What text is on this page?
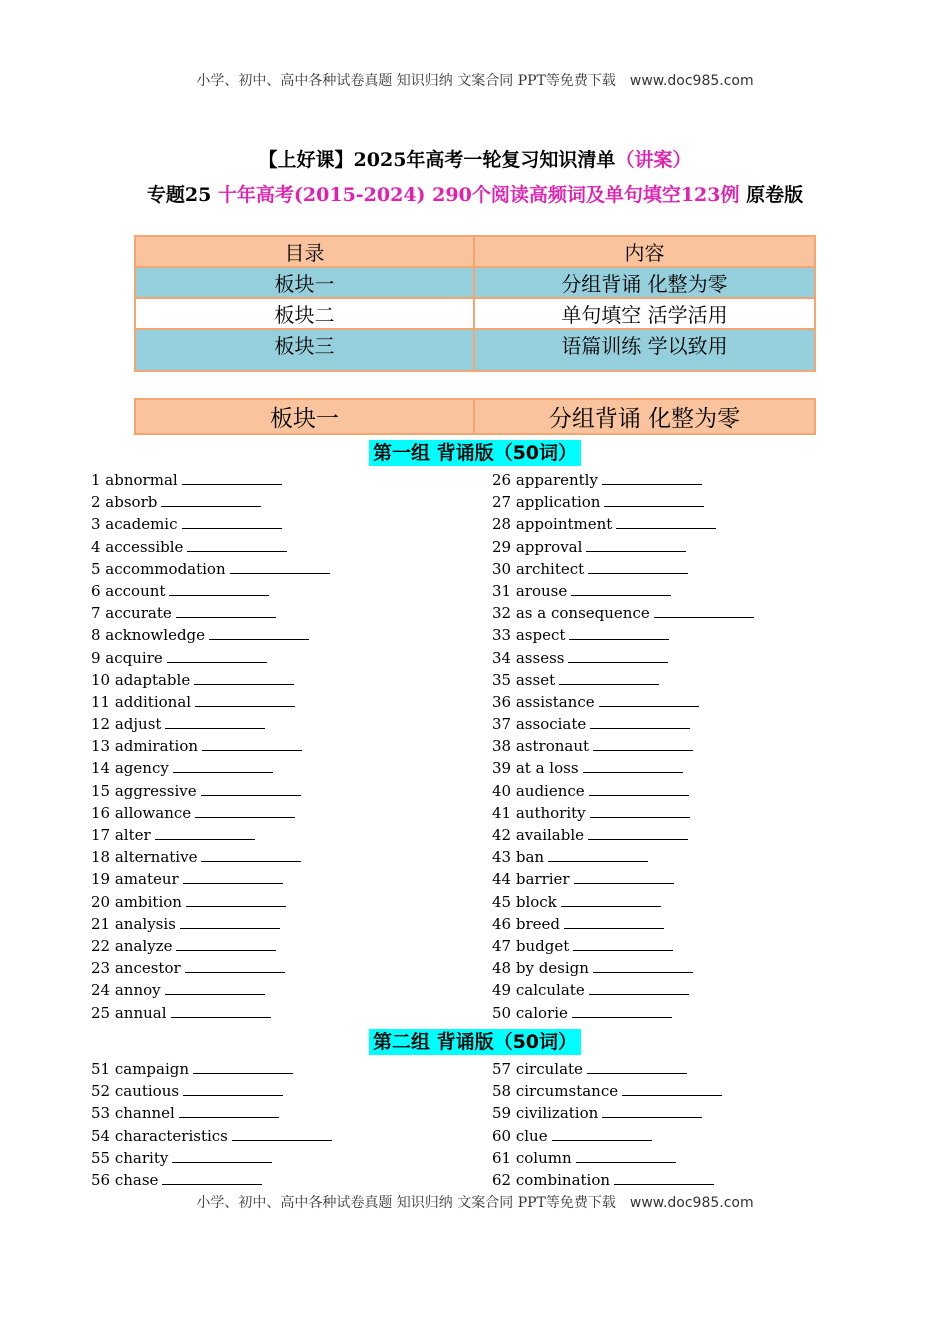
小学、初中、高中各种试卷真题 知识归纳 文案合同 PPT等免费下载 www.doc985.com
【上好课】2025年高考一轮复习知识清单（讲案）
专题25 十年高考(2015-2024) 290个阅读高频词及单句填空123例 原卷版
目录	内容
板块一	分组背诵 化整为零
板块二	单句填空 活学活用
板块三	语篇训练 学以致用
板块一	分组背诵 化整为零
第一组 背诵版（50词）
1 abnormal
2 absorb
3 academic
4 accessible
5 accommodation
6 account
7 accurate
8 acknowledge
9 acquire
10 adaptable
11 additional
12 adjust
13 admiration
14 agency
15 aggressive
16 allowance
17 alter
18 alternative
19 amateur
20 ambition
21 analysis
22 analyze
23 ancestor
24 annoy
25 annual
26 apparently
27 application
28 appointment
29 approval
30 architect
31 arouse
32 as a consequence
33 aspect
34 assess
35 asset
36 assistance
37 associate
38 astronaut
39 at a loss
40 audience
41 authority
42 available
43 ban
44 barrier
45 block
46 breed
47 budget
48 by design
49 calculate
50 calorie
第二组 背诵版（50词）
51 campaign
52 cautious
53 channel
54 characteristics
55 charity
56 chase
57 circulate
58 circumstance
59 civilization
60 clue
61 column
62 combination
小学、初中、高中各种试卷真题 知识归纳 文案合同 PPT等免费下载 www.doc985.com
